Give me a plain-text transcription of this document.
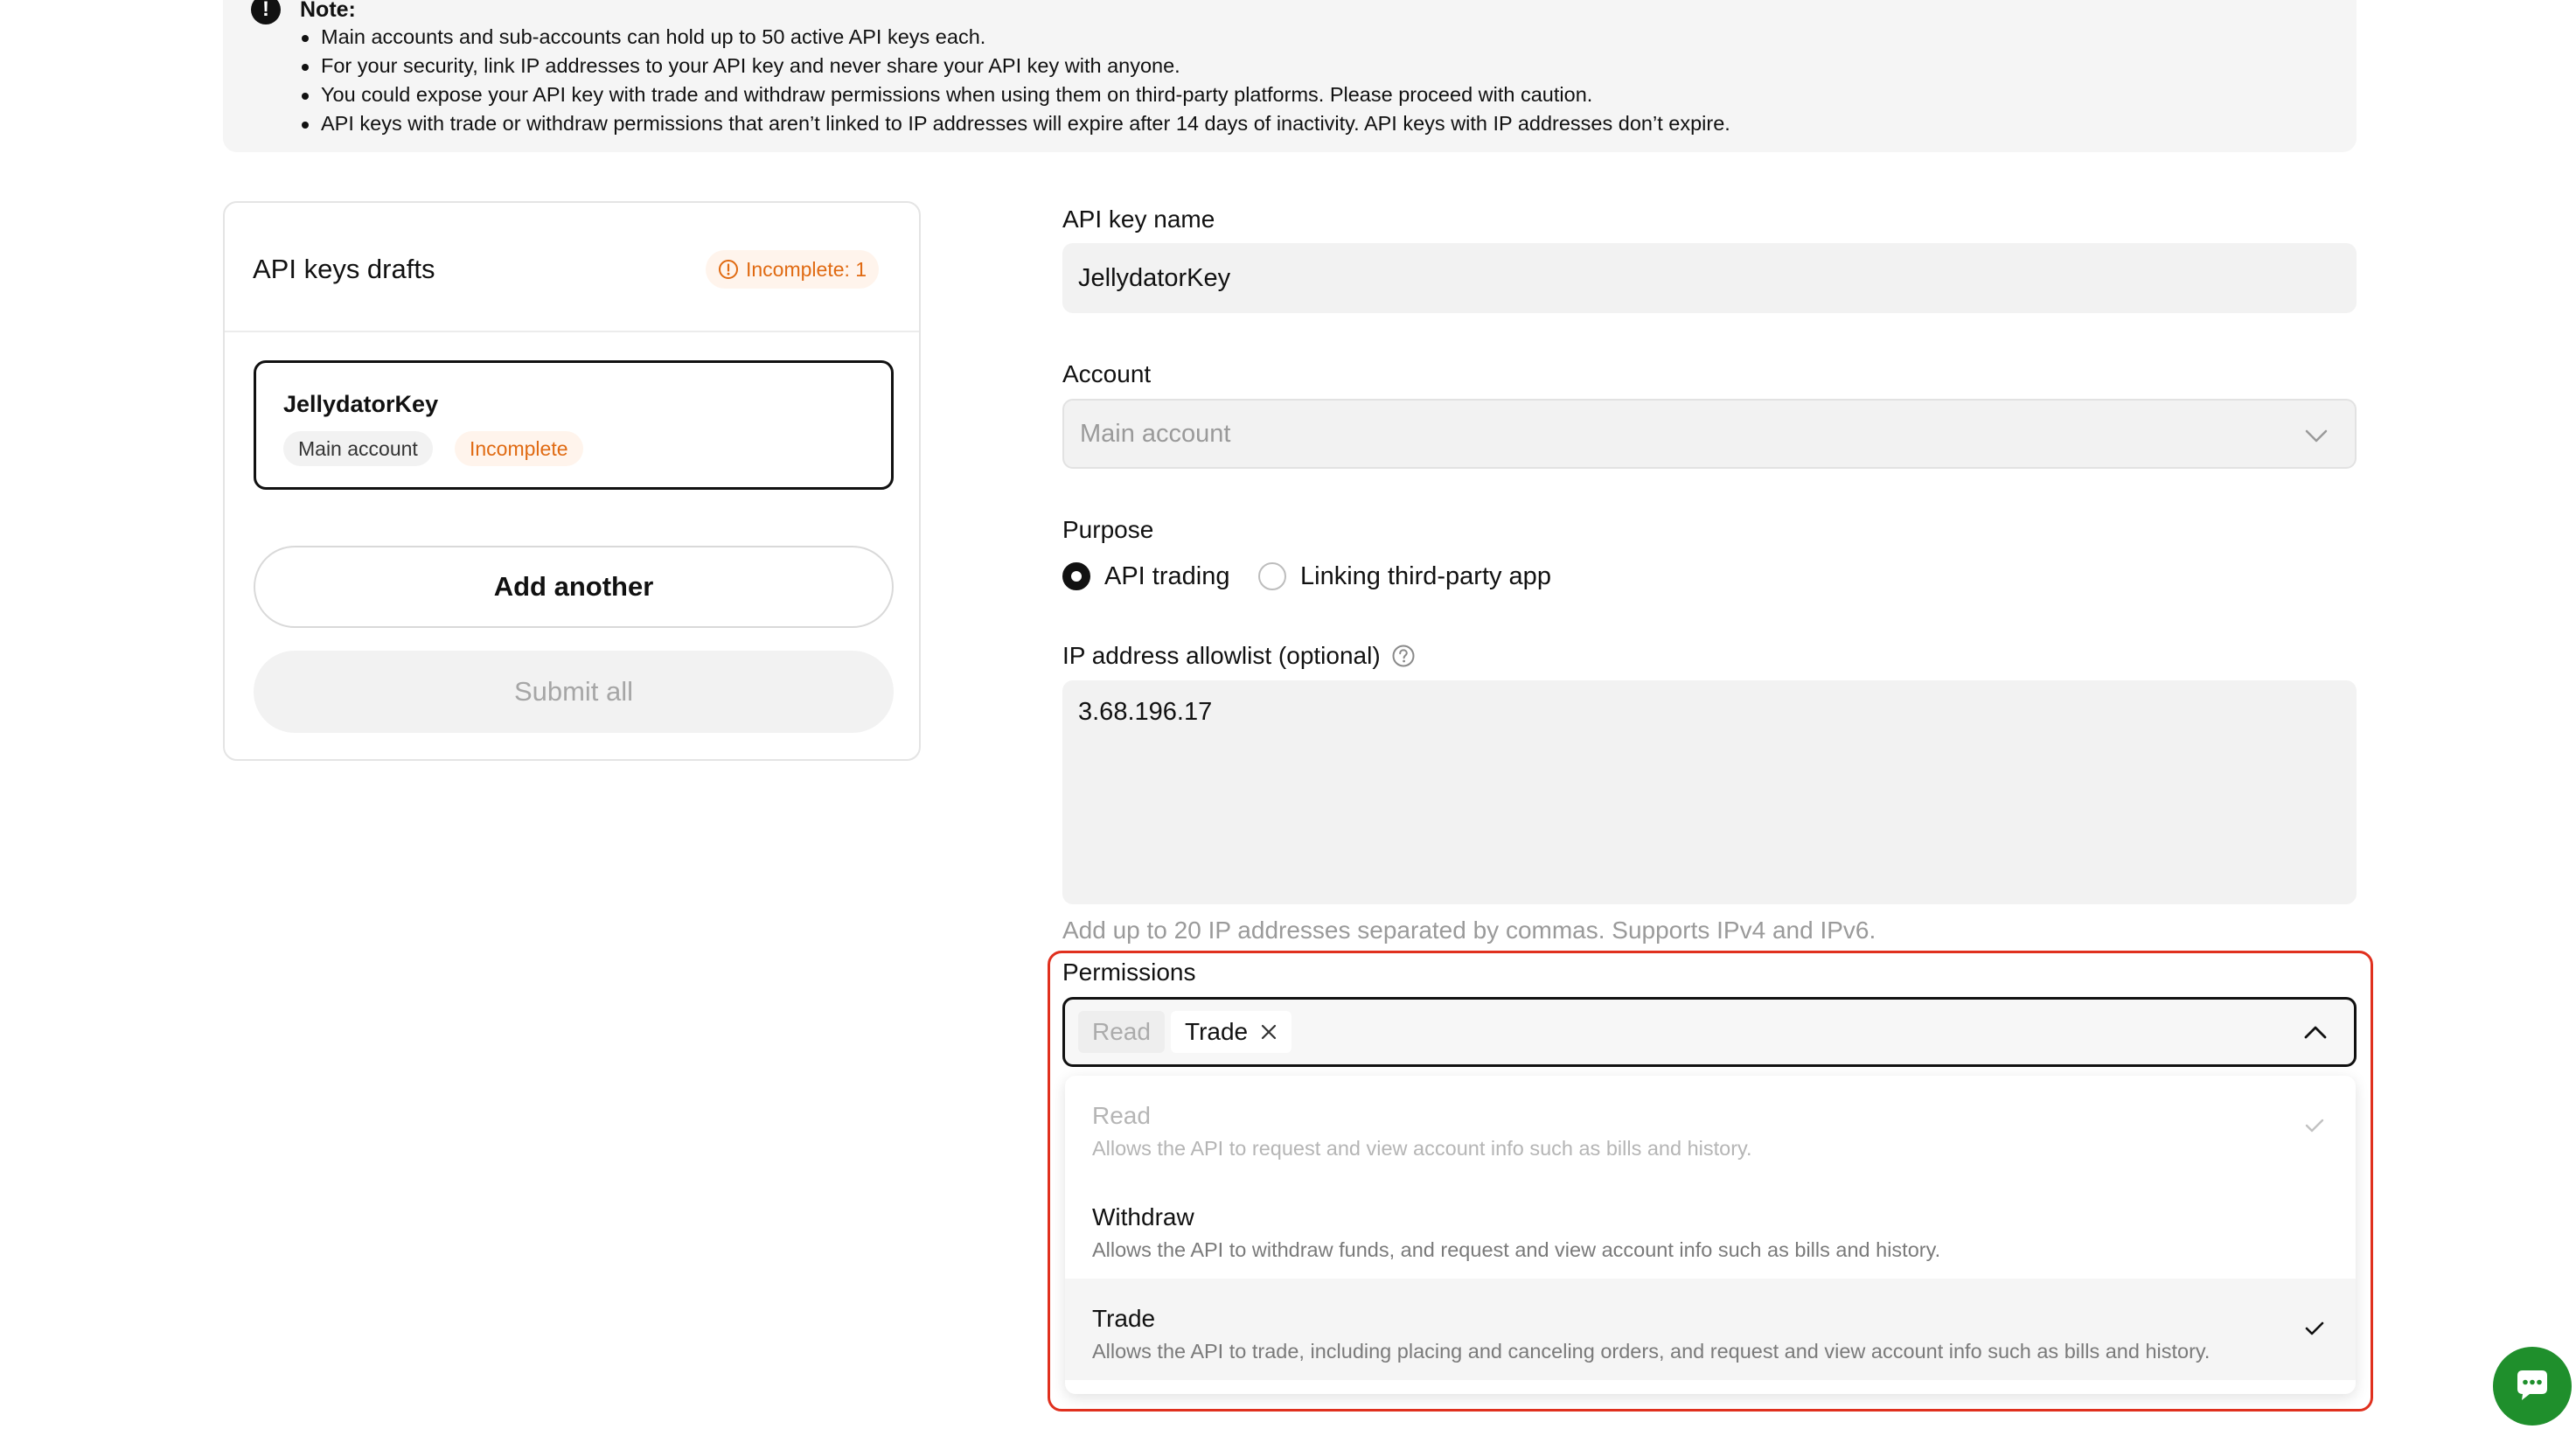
!	Note:
Main accounts and sub-accounts can hold up to 50 active API keys each.
For your security, link IP addresses to your API key and never share your API key with anyone.
You could expose your API key with trade and withdraw permissions when using them on third-party platforms. Please proceed with caution.
API keys with trade or withdraw permissions that aren’t linked to IP addresses will expire after 14 days of inactivity. API keys with IP addresses don’t expire.
API keys drafts	Incomplete: 1
JellydatorKey
Main account	Incomplete
Add another
Submit all
API key name
JellydatorKey
Account
Main account
Purpose
API trading	Linking third-party app
IP address allowlist (optional)
3.68.196.17
Add up to 20 IP addresses separated by commas. Supports IPv4 and IPv6.
Permissions
Read	Trade
Read
Allows the API to request and view account info such as bills and history.
Withdraw
Allows the API to withdraw funds, and request and view account info such as bills and history.
Trade
Allows the API to trade, including placing and canceling orders, and request and view account info such as bills and history.
